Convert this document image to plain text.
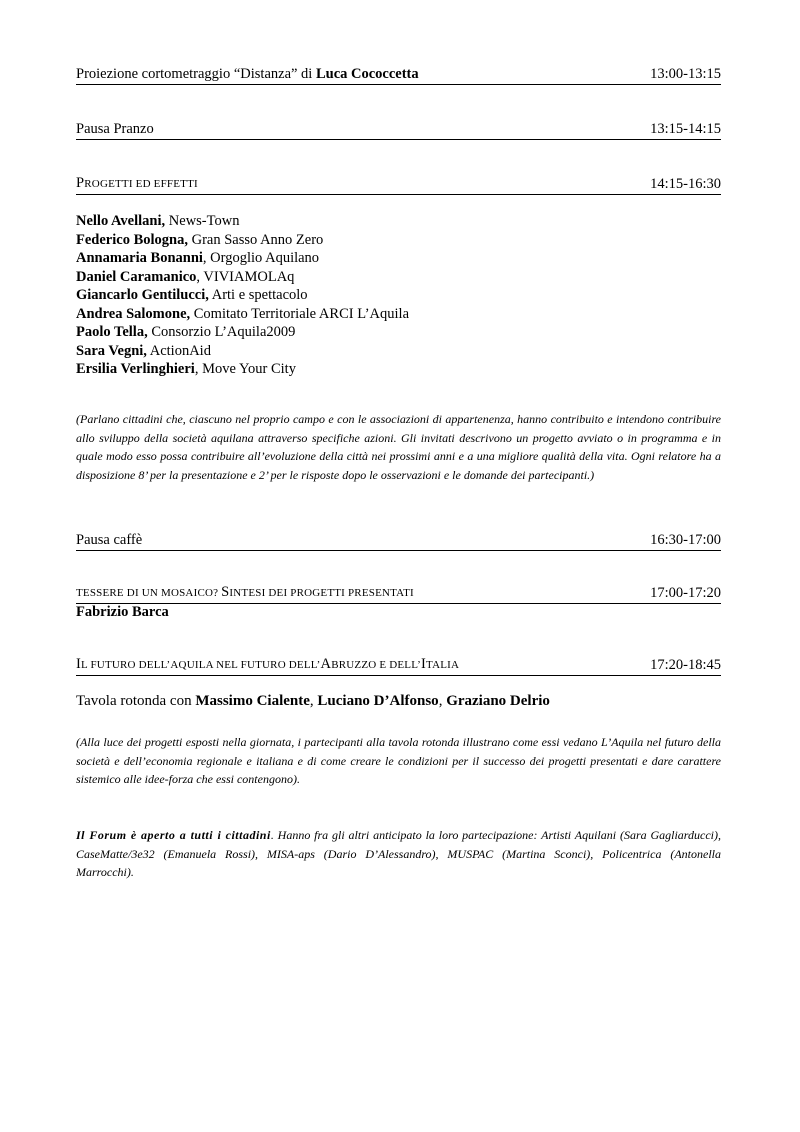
Proiezione cortometraggio “Distanza” di Luca Cococcetta	13:00-13:15
Pausa Pranzo	13:15-14:15
PROGETTI ED EFFETTI	14:15-16:30
Nello Avellani, News-Town
Federico Bologna, Gran Sasso Anno Zero
Annamaria Bonanni, Orgoglio Aquilano
Daniel Caramanico, VIVIAMOLAq
Giancarlo Gentilucci, Arti e spettacolo
Andrea Salomone, Comitato Territoriale ARCI L’Aquila
Paolo Tella, Consorzio L’Aquila2009
Sara Vegni, ActionAid
Ersilia Verlinghieri, Move Your City
(Parlano cittadini che, ciascuno nel proprio campo e con le associazioni di appartenenza, hanno contribuito e intendono contribuire allo sviluppo della società aquilana attraverso specifiche azioni. Gli invitati descrivono un progetto avviato o in programma e in quale modo esso possa contribuire all’evoluzione della città nei prossimi anni e a una migliore qualità della vita. Ogni relatore ha a disposizione 8’ per la presentazione e 2’ per le risposte dopo le osservazioni e le domande dei partecipanti.)
Pausa caffè	16:30-17:00
TESSERE DI UN MOSAICO? SINTESI DEI PROGETTI PRESENTATI	17:00-17:20
Fabrizio Barca
IL FUTURO DELL’AQUILA NEL FUTURO DELL’ABRUZZO E DELL’ITALIA	17:20-18:45
Tavola rotonda con Massimo Cialente, Luciano D’Alfonso, Graziano Delrio
(Alla luce dei progetti esposti nella giornata, i partecipanti alla tavola rotonda illustrano come essi vedano L’Aquila nel futuro della società e dell’economia regionale e italiana e di come creare le condizioni per il successo dei progetti presentati e dare carattere sistemico alle idee-forza che essi contengono).
Il Forum è aperto a tutti i cittadini. Hanno fra gli altri anticipato la loro partecipazione: Artisti Aquilani (Sara Gagliarducci), CaseMatte/3e32 (Emanuela Rossi), MISA-aps (Dario D’Alessandro), MUSPAC (Martina Sconci), Policentrica (Antonella Marrocchi).
